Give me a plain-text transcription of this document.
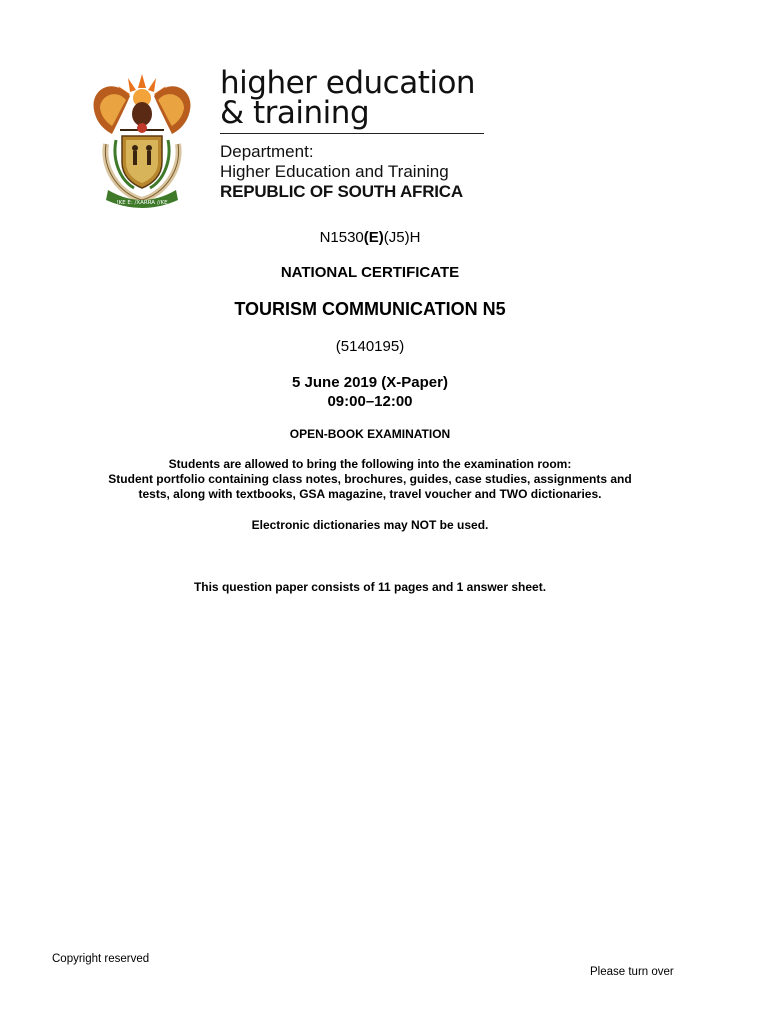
!KE E: /XARRA //KE
higher education
& training
Department:
Higher Education and Training
REPUBLIC OF SOUTH AFRICA
N1530(E)(J5)H
NATIONAL CERTIFICATE
TOURISM COMMUNICATION N5
(5140195)
5 June 2019 (X-Paper)
09:00–12:00
OPEN-BOOK EXAMINATION
Students are allowed to bring the following into the examination room:
Student portfolio containing class notes, brochures, guides, case studies, assignments and
tests, along with textbooks, GSA magazine, travel voucher and TWO dictionaries.
Electronic dictionaries may NOT be used.
This question paper consists of 11 pages and 1 answer sheet.
Copyright reserved
Please turn over
